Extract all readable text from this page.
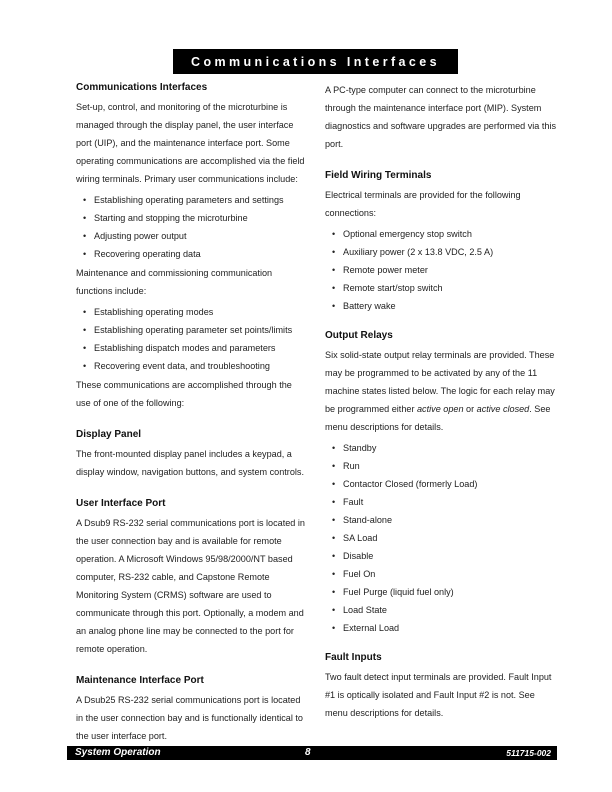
Communications Interfaces
Communications Interfaces

Set-up, control, and monitoring of the microturbine is managed through the display panel, the user interface port (UIP), and the maintenance interface port. Some operating communications are accomplished via the field wiring terminals. Primary user communications include:

• Establishing operating parameters and settings
• Starting and stopping the microturbine
• Adjusting power output
• Recovering operating data

Maintenance and commissioning communication functions include:

• Establishing operating modes
• Establishing operating parameter set points/limits
• Establishing dispatch modes and parameters
• Recovering event data, and troubleshooting

These communications are accomplished through the use of one of the following:

Display Panel

The front-mounted display panel includes a keypad, a display window, navigation buttons, and system controls.

User Interface Port

A Dsub9 RS-232 serial communications port is located in the user connection bay and is available for remote operation. A Microsoft Windows 95/98/2000/NT based computer, RS-232 cable, and Capstone Remote Monitoring System (CRMS) software are used to communicate through this port. Optionally, a modem and an analog phone line may be connected to the port for remote operation.

Maintenance Interface Port

A Dsub25 RS-232 serial communications port is located in the user connection bay and is functionally identical to the user interface port.

A PC-type computer can connect to the microturbine through the maintenance interface port (MIP). System diagnostics and software upgrades are performed via this port.

Field Wiring Terminals

Electrical terminals are provided for the following connections:

• Optional emergency stop switch
• Auxiliary power (2 x 13.8 VDC, 2.5 A)
• Remote power meter
• Remote start/stop switch
• Battery wake
Output Relays

Six solid-state output relay terminals are provided. These may be programmed to be activated by any of the 11 machine states listed below. The logic for each relay may be programmed either active open or active closed. See menu descriptions for details.

• Standby
• Run
• Contactor Closed (formerly Load)
• Fault
• Stand-alone
• SA Load
• Disable
• Fuel On
• Fuel Purge (liquid fuel only)
• Load State
• External Load
Fault Inputs

Two fault detect input terminals are provided. Fault Input #1 is optically isolated and Fault Input #2 is not. See menu descriptions for details.

System Operation	8	511715-002
